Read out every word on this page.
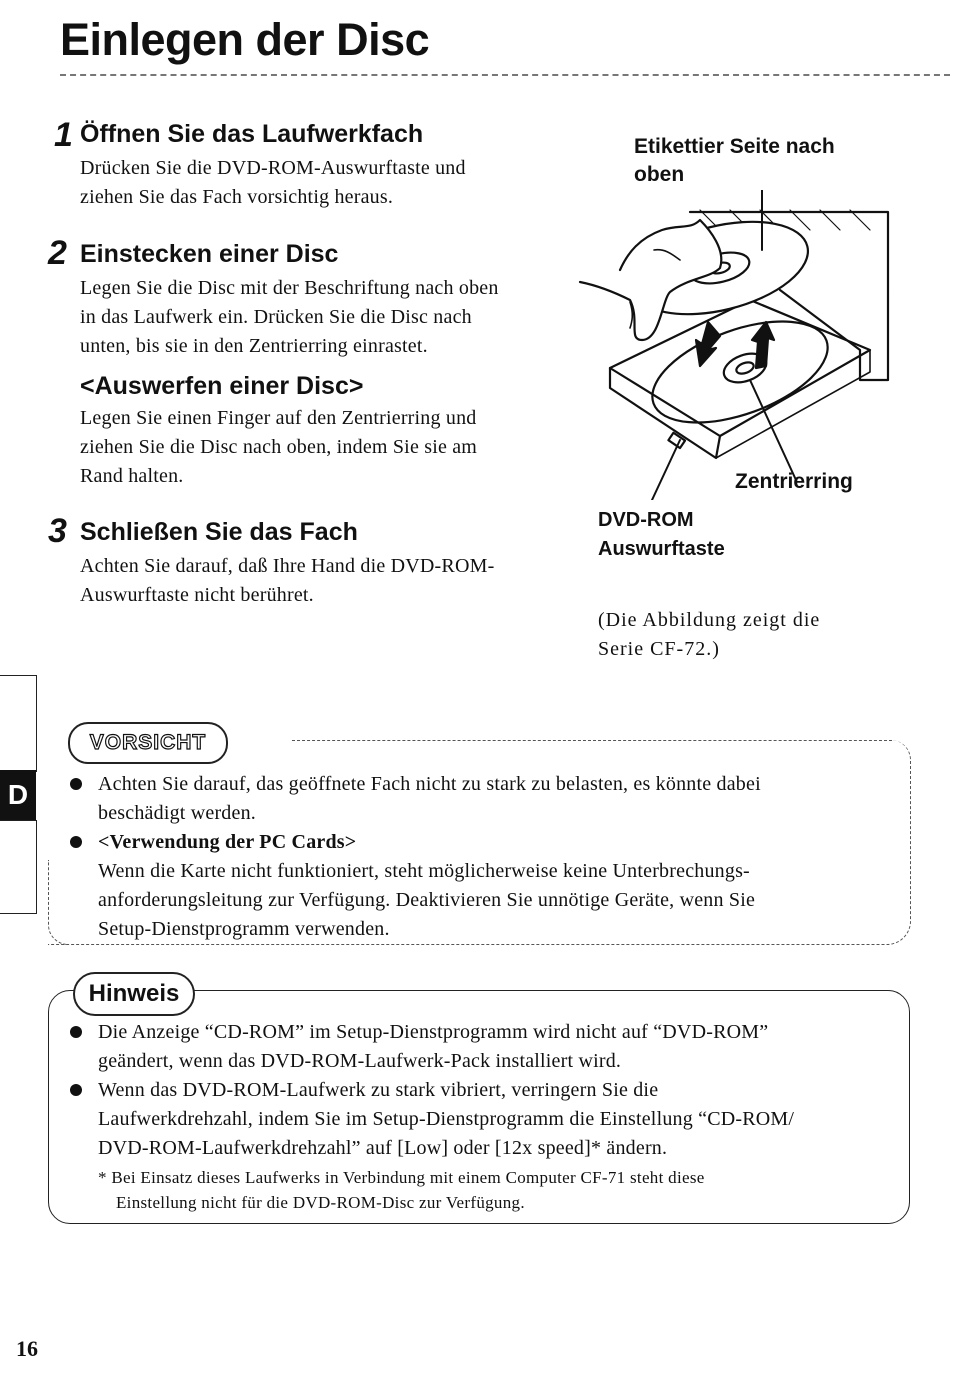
Einlegen der Disc
1 Öffnen Sie das Laufwerkfach
Drücken Sie die DVD-ROM-Auswurftaste und
ziehen Sie das Fach vorsichtig heraus.
2 Einstecken einer Disc
Legen Sie die Disc mit der Beschriftung nach oben
in das Laufwerk ein. Drücken Sie die Disc nach
unten, bis sie in den Zentrierring einrastet.
<Auswerfen einer Disc>
Legen Sie einen Finger auf den Zentrierring und
ziehen Sie die Disc nach oben, indem Sie sie am
Rand halten.
3 Schließen Sie das Fach
Achten Sie darauf, daß Ihre Hand die DVD-ROM-
Auswurftaste nicht berühret.
Etikettier Seite nach
oben
Zentrierring
DVD-ROM
Auswurftaste
(Die Abbildung zeigt die
Serie CF-72.)
D
VORSICHT
Achten Sie darauf, das geöffnete Fach nicht zu stark zu belasten, es könnte dabei
beschädigt werden.
<Verwendung der PC Cards>
Wenn die Karte nicht funktioniert, steht möglicherweise keine Unterbrechungs-
anforderungsleitung zur Verfügung. Deaktivieren Sie unnötige Geräte, wenn Sie
Setup-Dienstprogramm verwenden.
Hinweis
Die Anzeige “CD-ROM” im Setup-Dienstprogramm wird nicht auf “DVD-ROM”
geändert, wenn das DVD-ROM-Laufwerk-Pack installiert wird.
Wenn das DVD-ROM-Laufwerk zu stark vibriert, verringern Sie die
Laufwerkdrehzahl, indem Sie im Setup-Dienstprogramm die Einstellung “CD-ROM/
DVD-ROM-Laufwerkdrehzahl” auf [Low] oder [12x speed]* ändern.
* Bei Einsatz dieses Laufwerks in Verbindung mit einem Computer CF-71 steht diese
Einstellung nicht für die DVD-ROM-Disc zur Verfügung.
16
